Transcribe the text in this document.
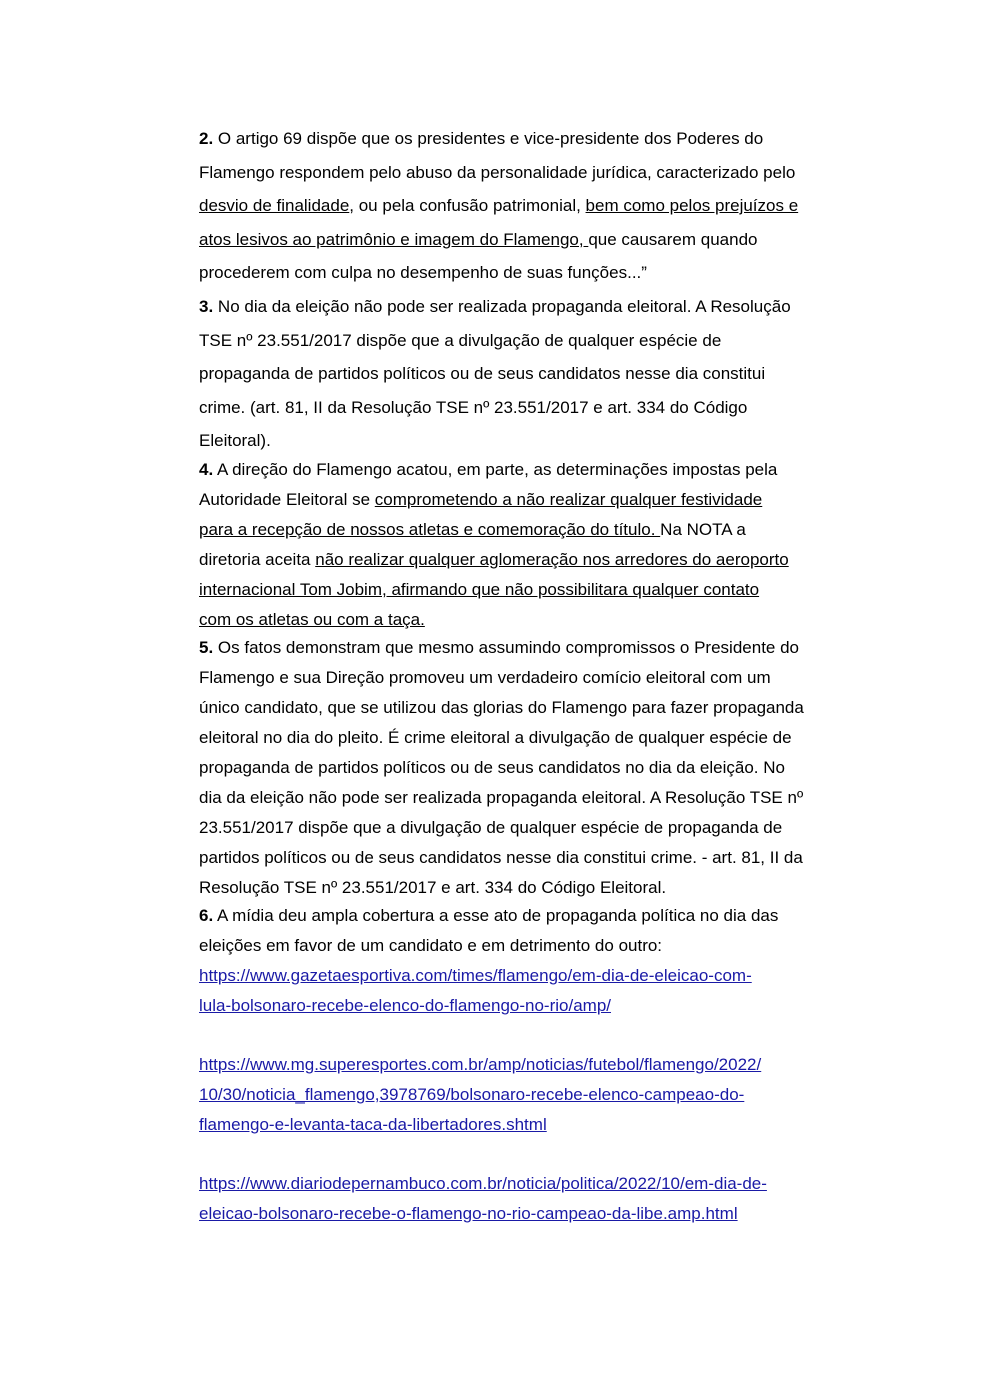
2. O artigo 69 dispõe que os presidentes e vice-presidente dos Poderes do
Flamengo respondem pelo abuso da personalidade jurídica, caracterizado pelo
desvio de finalidade, ou pela confusão patrimonial, bem como pelos prejuízos e
atos lesivos ao patrimônio e imagem do Flamengo, que causarem quando
procederem com culpa no desempenho de suas funções...”
3. No dia da eleição não pode ser realizada propaganda eleitoral. A Resolução
TSE nº 23.551/2017 dispõe que a divulgação de qualquer espécie de
propaganda de partidos políticos ou de seus candidatos nesse dia constitui
crime. (art. 81, II da Resolução TSE nº 23.551/2017 e art. 334 do Código
Eleitoral).
4. A direção do Flamengo acatou, em parte, as determinações impostas pela
Autoridade Eleitoral se comprometendo a não realizar qualquer festividade
para a recepção de nossos atletas e comemoração do título. Na NOTA a
diretoria aceita não realizar qualquer aglomeração nos arredores do aeroporto
internacional Tom Jobim, afirmando que não possibilitara qualquer contato
com os atletas ou com a taça.
5. Os fatos demonstram que mesmo assumindo compromissos o Presidente do
Flamengo e sua Direção promoveu um verdadeiro comício eleitoral com um
único candidato, que se utilizou das glorias do Flamengo para fazer propaganda
eleitoral no dia do pleito. É crime eleitoral a divulgação de qualquer espécie de
propaganda de partidos políticos ou de seus candidatos no dia da eleição. No
dia da eleição não pode ser realizada propaganda eleitoral. A Resolução TSE nº
23.551/2017 dispõe que a divulgação de qualquer espécie de propaganda de
partidos políticos ou de seus candidatos nesse dia constitui crime. - art. 81, II da
Resolução TSE nº 23.551/2017 e art. 334 do Código Eleitoral.
6. A mídia deu ampla cobertura a esse ato de propaganda política no dia das
eleições em favor de um candidato e em detrimento do outro:
https://www.gazetaesportiva.com/times/flamengo/em-dia-de-eleicao-com-
lula-bolsonaro-recebe-elenco-do-flamengo-no-rio/amp/
https://www.mg.superesportes.com.br/amp/noticias/futebol/flamengo/2022/
10/30/noticia_flamengo,3978769/bolsonaro-recebe-elenco-campeao-do-
flamengo-e-levanta-taca-da-libertadores.shtml
https://www.diariodepernambuco.com.br/noticia/politica/2022/10/em-dia-de-
eleicao-bolsonaro-recebe-o-flamengo-no-rio-campeao-da-libe.amp.html
